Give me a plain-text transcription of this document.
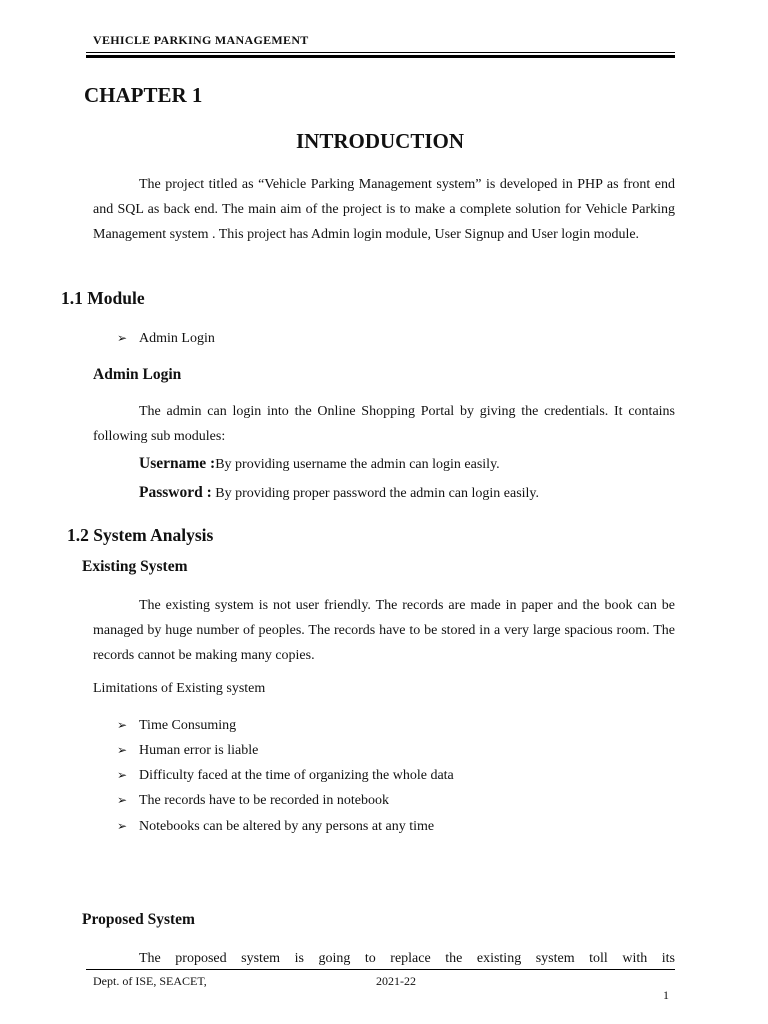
VEHICLE PARKING MANAGEMENT
CHAPTER 1
INTRODUCTION
The project titled as “Vehicle Parking Management system” is developed in PHP as front end and SQL as back end. The main aim of the project is to make a complete solution for Vehicle Parking Management system . This project has Admin login module, User Signup and User login module.
1.1 Module
➢ Admin Login
Admin Login
The admin can login into the Online Shopping Portal by giving the credentials. It contains following sub modules:
Username :By providing username the admin can login easily.
Password : By providing proper password the admin can login easily.
1.2 System Analysis
Existing System
The existing system is not user friendly. The records are made in paper and the book can be managed by huge number of peoples. The records have to be stored in a very large spacious room. The records cannot be making many copies.
Limitations of Existing system
➢ Time Consuming
➢ Human error is liable
➢ Difficulty faced at the time of organizing the whole data
➢ The records have to be recorded in notebook
➢ Notebooks can be altered by any persons at any time
Proposed System
The proposed system is going to replace the existing system toll with its
Dept. of ISE, SEACET,	2021-22
1
